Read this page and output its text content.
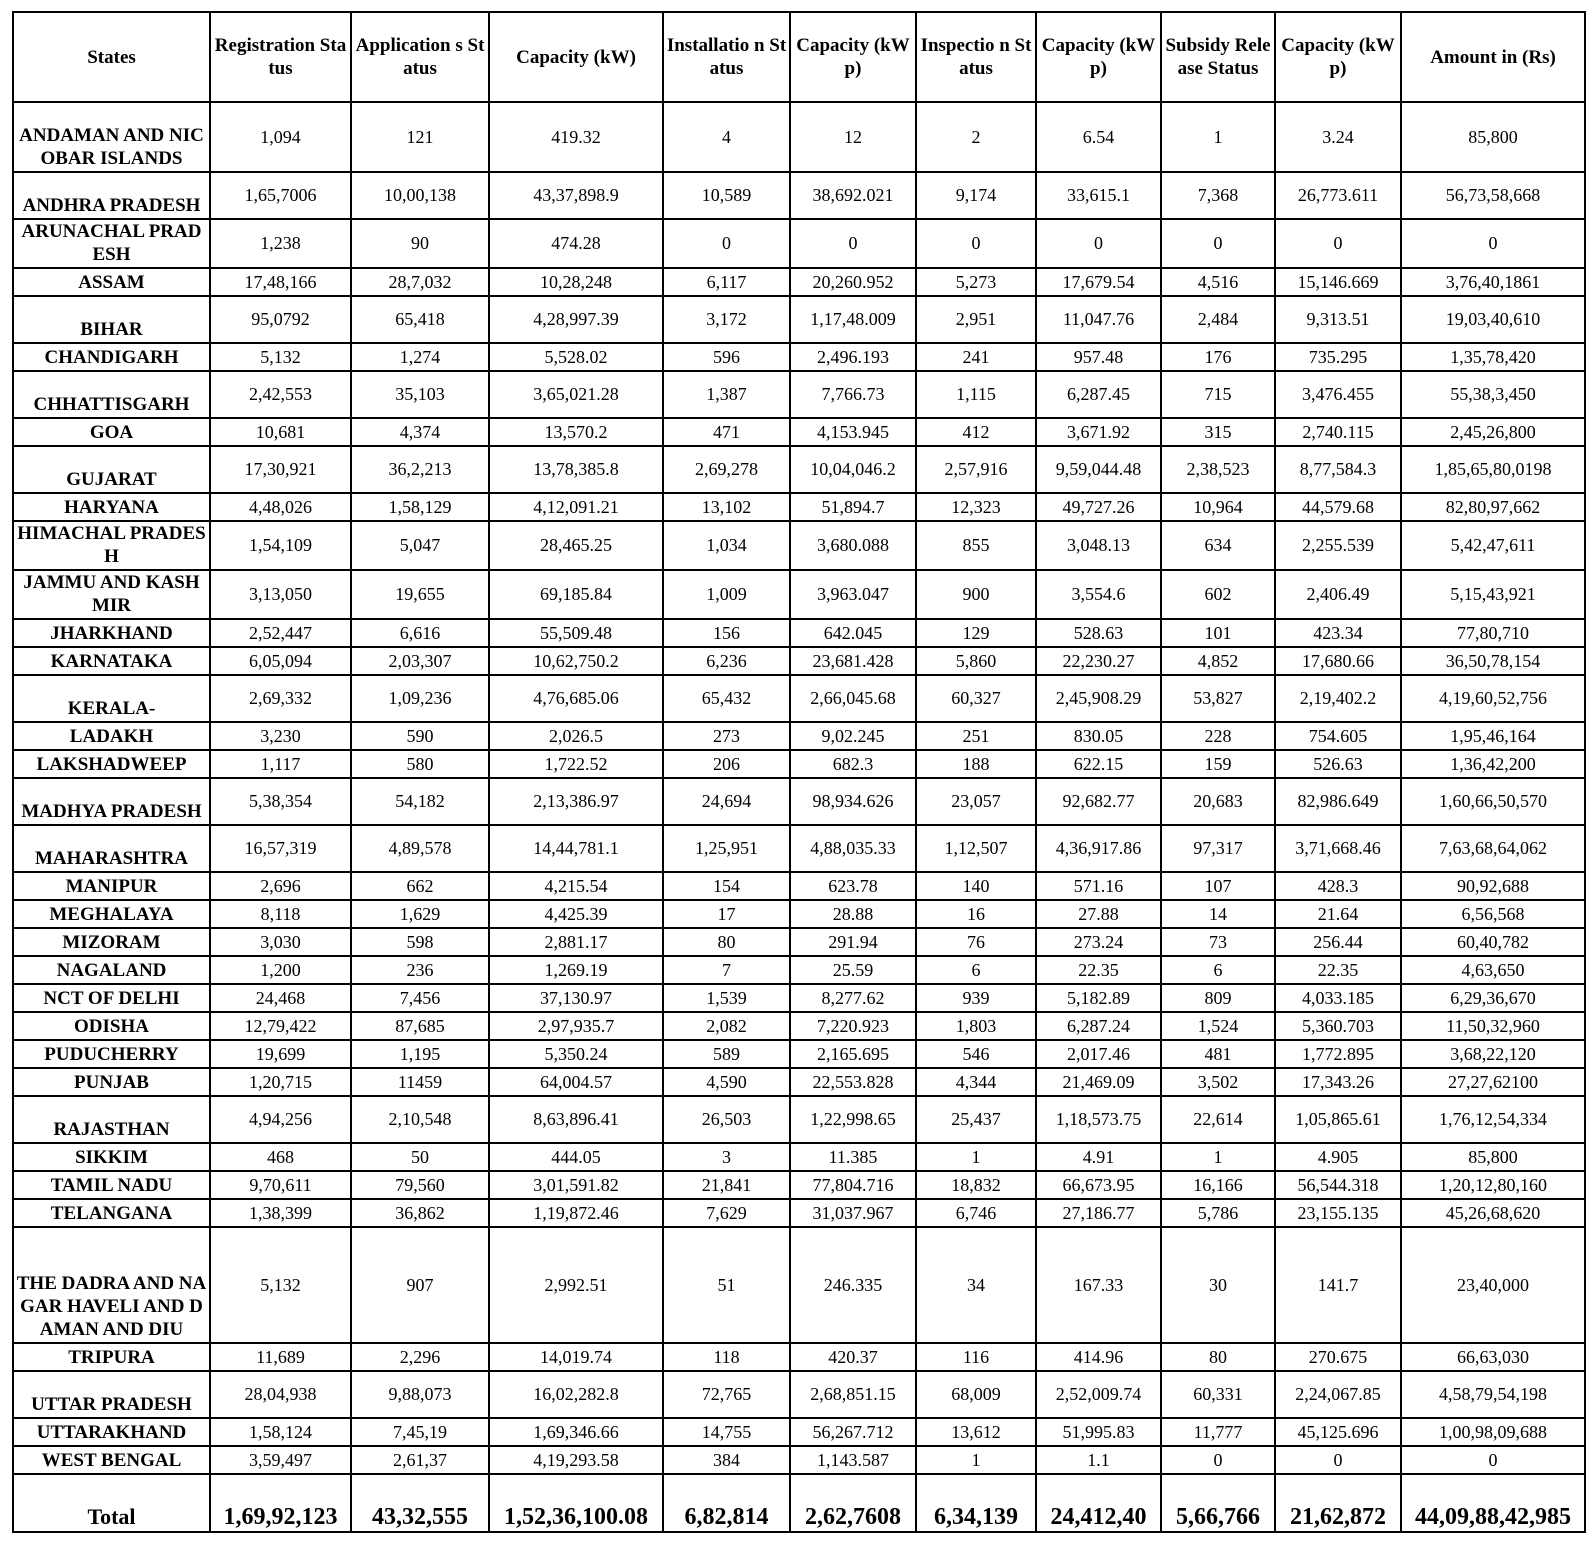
States	Registration Status	Application s Status	Capacity (kW)	Installatio n Status	Capacity (kWp)	Inspectio n Status	Capacity (kWp)	Subsidy Release Status	Capacity (kWp)	Amount in (Rs)
ANDAMAN AND NICOBAR ISLANDS	1,094	121	419.32	4	12	2	6.54	1	3.24	85,800
ANDHRA PRADESH	1,65,7006	10,00,138	43,37,898.9	10,589	38,692.021	9,174	33,615.1	7,368	26,773.611	56,73,58,668
ARUNACHAL PRADESH	1,238	90	474.28	0	0	0	0	0	0	0
ASSAM	17,48,166	28,7,032	10,28,248	6,117	20,260.952	5,273	17,679.54	4,516	15,146.669	3,76,40,1861
BIHAR	95,0792	65,418	4,28,997.39	3,172	1,17,48.009	2,951	11,047.76	2,484	9,313.51	19,03,40,610
CHANDIGARH	5,132	1,274	5,528.02	596	2,496.193	241	957.48	176	735.295	1,35,78,420
CHHATTISGARH	2,42,553	35,103	3,65,021.28	1,387	7,766.73	1,115	6,287.45	715	3,476.455	55,38,3,450
GOA	10,681	4,374	13,570.2	471	4,153.945	412	3,671.92	315	2,740.115	2,45,26,800
GUJARAT	17,30,921	36,2,213	13,78,385.8	2,69,278	10,04,046.2	2,57,916	9,59,044.48	2,38,523	8,77,584.3	1,85,65,80,0198
HARYANA	4,48,026	1,58,129	4,12,091.21	13,102	51,894.7	12,323	49,727.26	10,964	44,579.68	82,80,97,662
HIMACHAL PRADESH	1,54,109	5,047	28,465.25	1,034	3,680.088	855	3,048.13	634	2,255.539	5,42,47,611
JAMMU AND KASHMIR	3,13,050	19,655	69,185.84	1,009	3,963.047	900	3,554.6	602	2,406.49	5,15,43,921
JHARKHAND	2,52,447	6,616	55,509.48	156	642.045	129	528.63	101	423.34	77,80,710
KARNATAKA	6,05,094	2,03,307	10,62,750.2	6,236	23,681.428	5,860	22,230.27	4,852	17,680.66	36,50,78,154
KERALA-	2,69,332	1,09,236	4,76,685.06	65,432	2,66,045.68	60,327	2,45,908.29	53,827	2,19,402.2	4,19,60,52,756
LADAKH	3,230	590	2,026.5	273	9,02.245	251	830.05	228	754.605	1,95,46,164
LAKSHADWEEP	1,117	580	1,722.52	206	682.3	188	622.15	159	526.63	1,36,42,200
MADHYA PRADESH	5,38,354	54,182	2,13,386.97	24,694	98,934.626	23,057	92,682.77	20,683	82,986.649	1,60,66,50,570
MAHARASHTRA	16,57,319	4,89,578	14,44,781.1	1,25,951	4,88,035.33	1,12,507	4,36,917.86	97,317	3,71,668.46	7,63,68,64,062
MANIPUR	2,696	662	4,215.54	154	623.78	140	571.16	107	428.3	90,92,688
MEGHALAYA	8,118	1,629	4,425.39	17	28.88	16	27.88	14	21.64	6,56,568
MIZORAM	3,030	598	2,881.17	80	291.94	76	273.24	73	256.44	60,40,782
NAGALAND	1,200	236	1,269.19	7	25.59	6	22.35	6	22.35	4,63,650
NCT OF DELHI	24,468	7,456	37,130.97	1,539	8,277.62	939	5,182.89	809	4,033.185	6,29,36,670
ODISHA	12,79,422	87,685	2,97,935.7	2,082	7,220.923	1,803	6,287.24	1,524	5,360.703	11,50,32,960
PUDUCHERRY	19,699	1,195	5,350.24	589	2,165.695	546	2,017.46	481	1,772.895	3,68,22,120
PUNJAB	1,20,715	11459	64,004.57	4,590	22,553.828	4,344	21,469.09	3,502	17,343.26	27,27,62100
RAJASTHAN	4,94,256	2,10,548	8,63,896.41	26,503	1,22,998.65	25,437	1,18,573.75	22,614	1,05,865.61	1,76,12,54,334
SIKKIM	468	50	444.05	3	11.385	1	4.91	1	4.905	85,800
TAMIL NADU	9,70,611	79,560	3,01,591.82	21,841	77,804.716	18,832	66,673.95	16,166	56,544.318	1,20,12,80,160
TELANGANA	1,38,399	36,862	1,19,872.46	7,629	31,037.967	6,746	27,186.77	5,786	23,155.135	45,26,68,620
THE DADRA AND NAGAR HAVELI AND DAMAN AND DIU	5,132	907	2,992.51	51	246.335	34	167.33	30	141.7	23,40,000
TRIPURA	11,689	2,296	14,019.74	118	420.37	116	414.96	80	270.675	66,63,030
UTTAR PRADESH	28,04,938	9,88,073	16,02,282.8	72,765	2,68,851.15	68,009	2,52,009.74	60,331	2,24,067.85	4,58,79,54,198
UTTARAKHAND	1,58,124	7,45,19	1,69,346.66	14,755	56,267.712	13,612	51,995.83	11,777	45,125.696	1,00,98,09,688
WEST BENGAL	3,59,497	2,61,37	4,19,293.58	384	1,143.587	1	1.1	0	0	0
Total	1,69,92,123	43,32,555	1,52,36,100.08	6,82,814	2,62,7608	6,34,139	24,412,40	5,66,766	21,62,872	44,09,88,42,985
